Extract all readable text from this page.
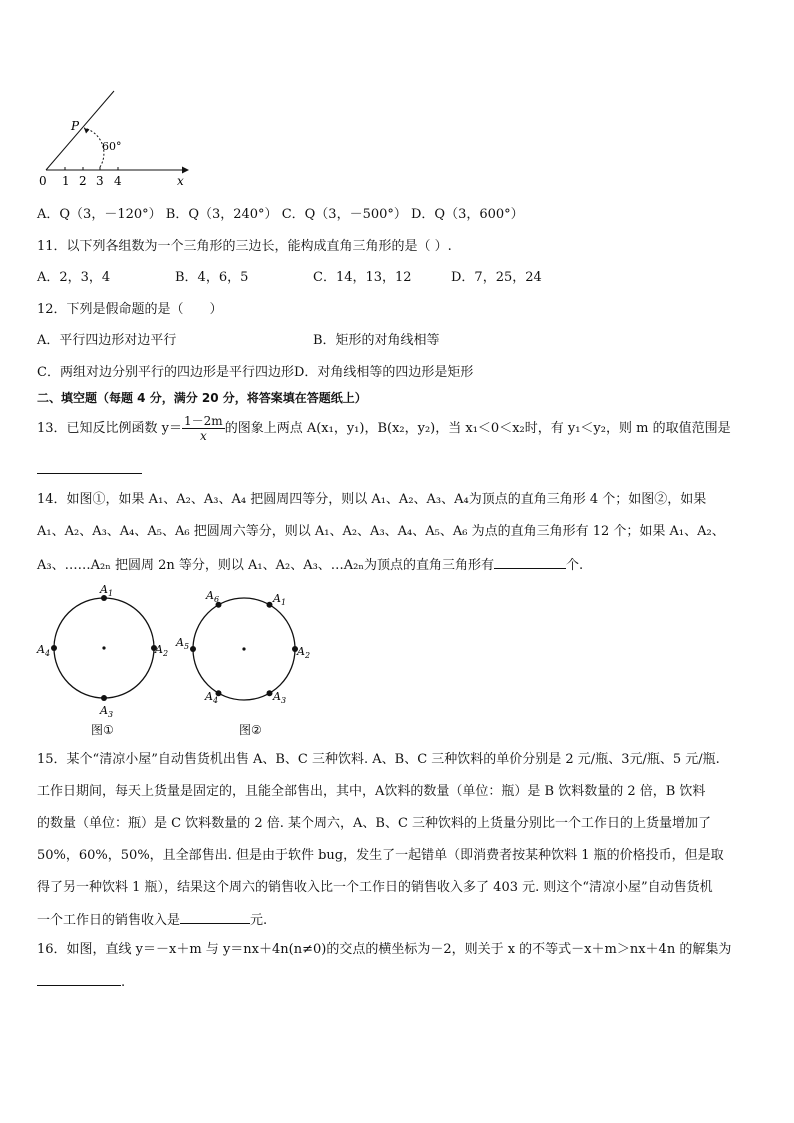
P
60°
x
0 1 2 3 4
A．Q（3，－120°） B．Q（3，240°） C．Q（3，－500°） D．Q（3，600°）
11．以下列各组数为一个三角形的三边长，能构成直角三角形的是（ ）.
A．2，3，4	B．4，6，5	C．14，13，12	D．7，25，24
12．下列是假命题的是（　　）
A．平行四边形对边平行	B．矩形的对角线相等
C．两组对边分别平行的四边形是平行四边形D．对角线相等的四边形是矩形
二、填空题（每题 4 分，满分 20 分，将答案填在答题纸上）
13．已知反比例函数 $y= \frac{1-2m}{x}$ 的图象上两点 A(x₁，y₁)，B(x₂，y₂)，当 x₁＜0＜x₂时，有 y₁＜y₂，则 m 的取值范围是
14．如图①，如果 A₁、A₂、A₃、A₄ 把圆周四等分，则以 A₁、A₂、A₃、A₄为顶点的直角三角形 4 个；如图②，如果
A₁、A₂、A₃、A₄、A₅、A₆ 把圆周六等分，则以 A₁、A₂、A₃、A₄、A₅、A₆ 为点的直角三角形有 12 个；如果 A₁、A₂、
A₃、……A₂ₙ 把圆周 2n 等分，则以 A₁、A₂、A₃、…A₂ₙ为顶点的直角三角形有	个.
$A_1$
$A_2$
$A_3$
$A_4$
$A_1$
$A_2$
$A_3$
$A_4$
$A_5$
$A_6$
图①	图②
15．某个“清凉小屋”自动售货机出售 A、B、C 三种饮料. A、B、C 三种饮料的单价分别是 2 元/瓶、3元/瓶、5 元/瓶.
工作日期间，每天上货量是固定的，且能全部售出，其中，A饮料的数量（单位：瓶）是 B 饮料数量的 2 倍，B 饮料
的数量（单位：瓶）是 C 饮料数量的 2 倍. 某个周六，A、B、C 三种饮料的上货量分别比一个工作日的上货量增加了
50%，60%，50%，且全部售出. 但是由于软件 bug，发生了一起错单（即消费者按某种饮料 1 瓶的价格投币，但是取
得了另一种饮料 1 瓶），结果这个周六的销售收入比一个工作日的销售收入多了 403 元. 则这个“清凉小屋”自动售货机
一个工作日的销售收入是	元.
16．如图，直线 y＝－x＋m 与 y＝nx＋4n(n≠0)的交点的横坐标为－2，则关于 x 的不等式－x＋m＞nx＋4n 的解集为
.
